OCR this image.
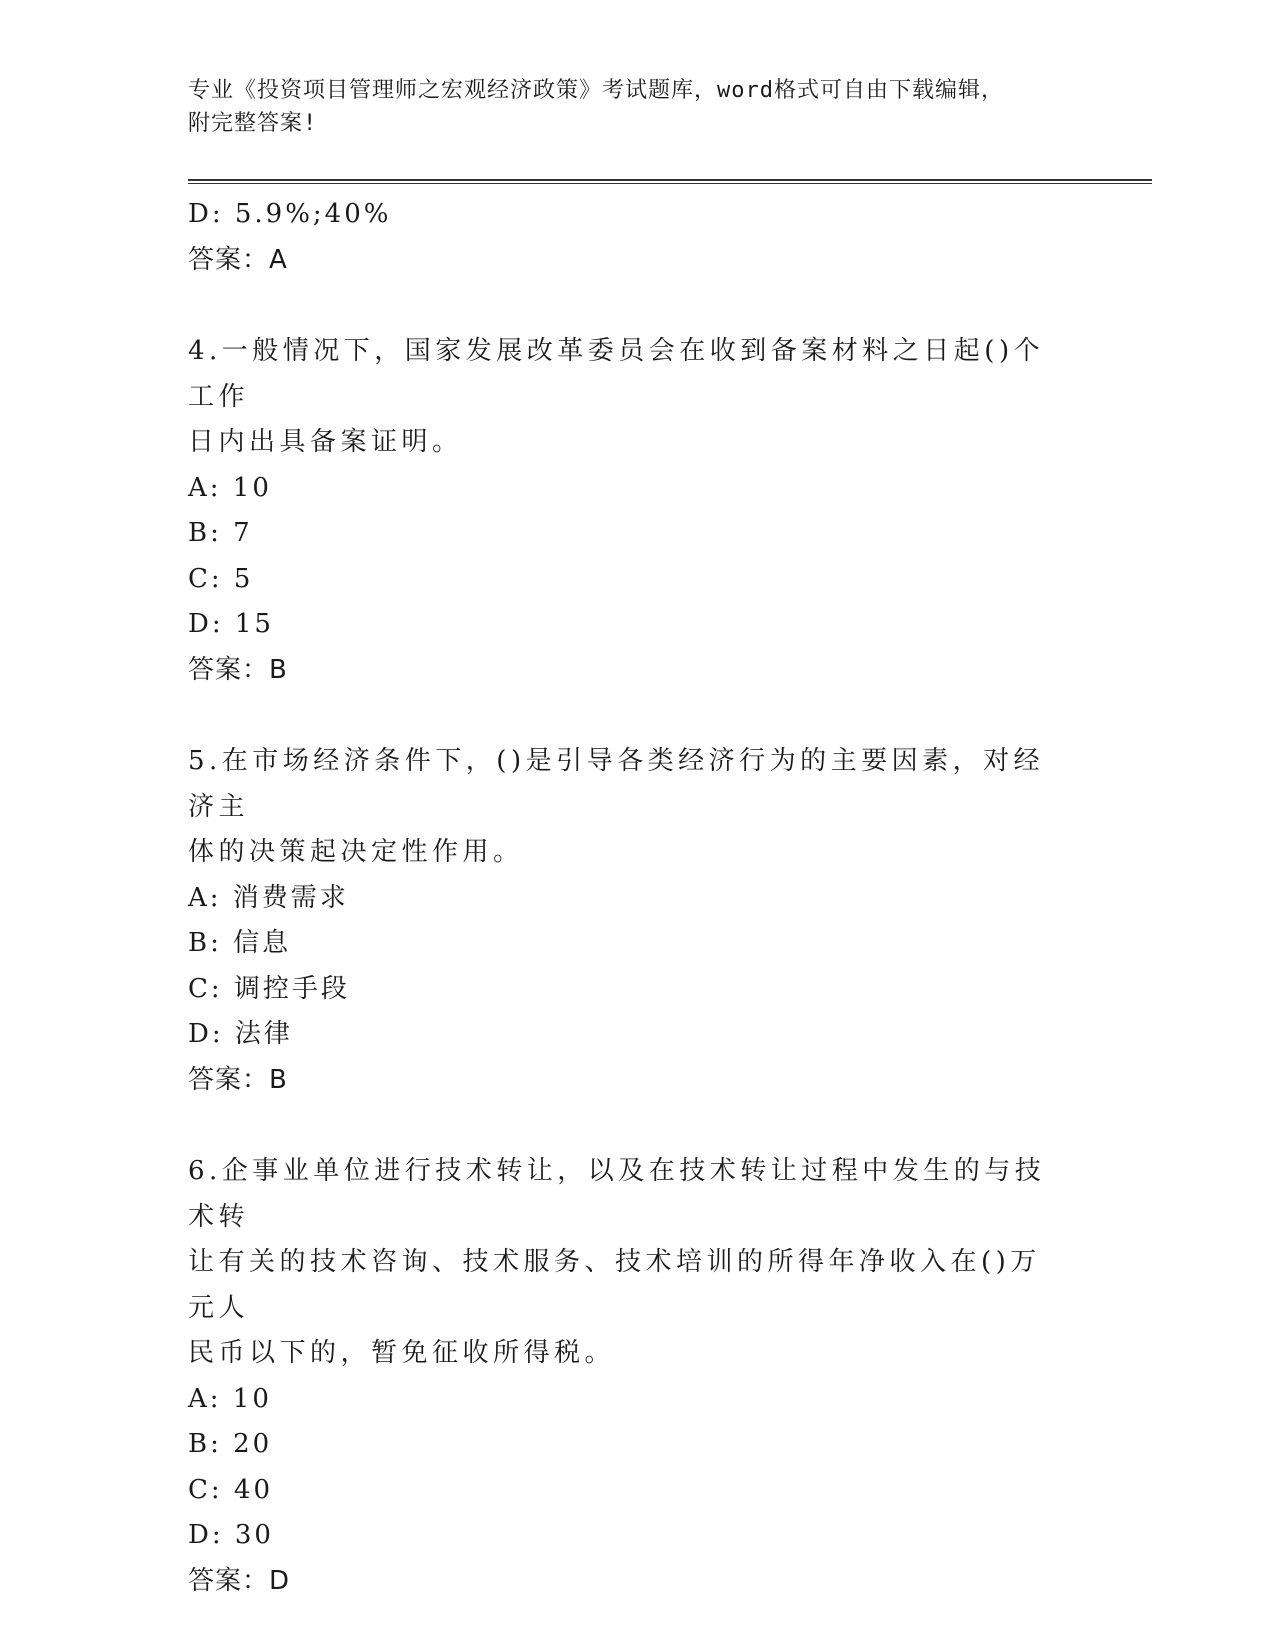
专业《投资项目管理师之宏观经济政策》考试题库，word格式可自由下载编辑，
附完整答案!
D: 5.9%;40%
答案：A
4.一般情况下，国家发展改革委员会在收到备案材料之日起()个工作
日内出具备案证明。
A: 10
B: 7
C: 5
D: 15
答案：B
5.在市场经济条件下，()是引导各类经济行为的主要因素，对经济主
体的决策起决定性作用。
A: 消费需求
B: 信息
C: 调控手段
D: 法律
答案：B
6.企事业单位进行技术转让，以及在技术转让过程中发生的与技术转
让有关的技术咨询、技术服务、技术培训的所得年净收入在()万元人
民币以下的，暂免征收所得税。
A: 10
B: 20
C: 40
D: 30
答案：D
